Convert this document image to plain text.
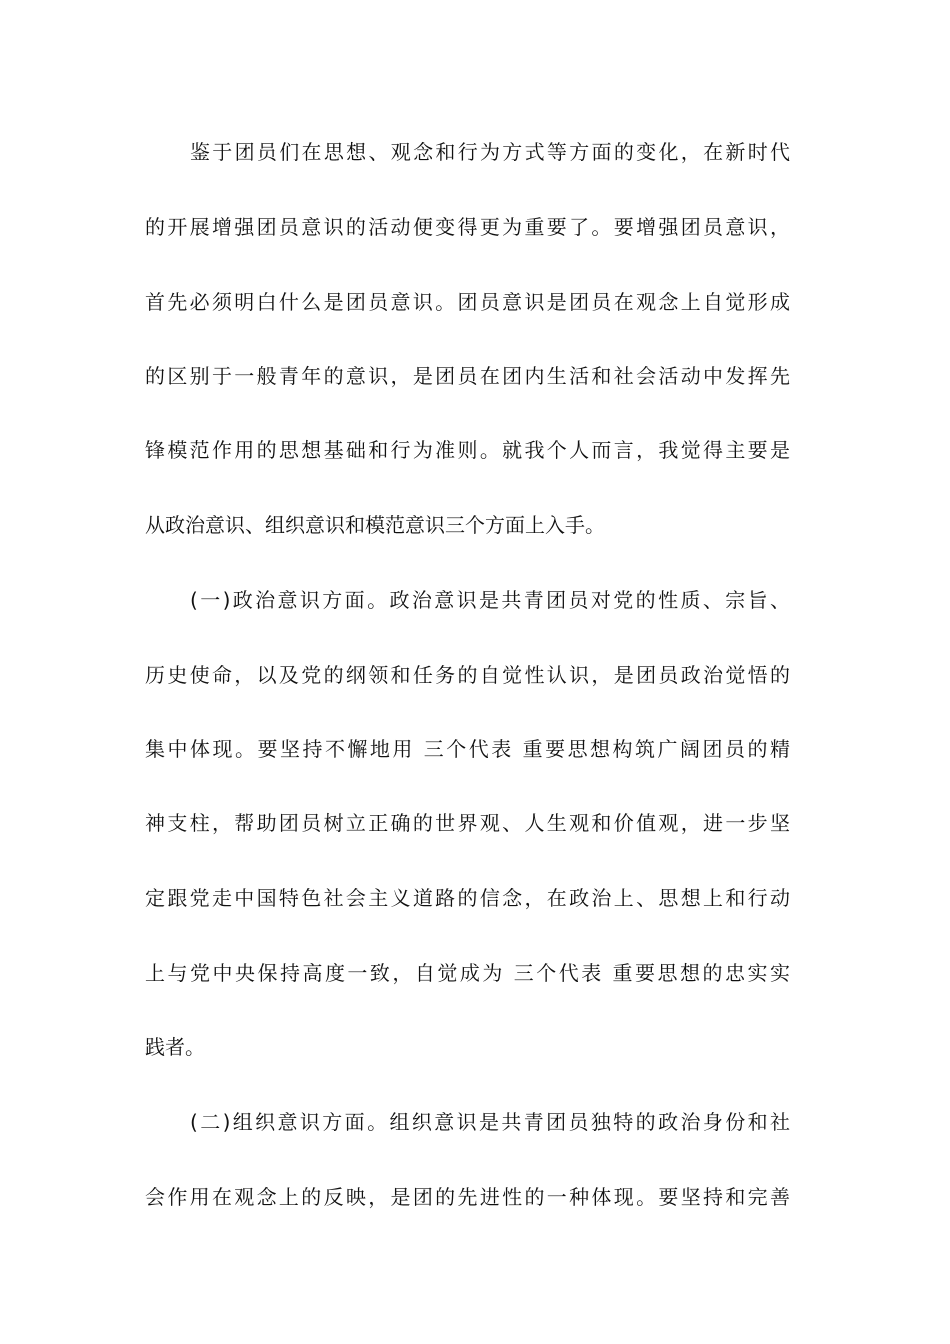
鉴于团员们在思想、观念和行为方式等方面的变化，在新时代
的开展增强团员意识的活动便变得更为重要了。要增强团员意识，
首先必须明白什么是团员意识。团员意识是团员在观念上自觉形成
的区别于一般青年的意识，是团员在团内生活和社会活动中发挥先
锋模范作用的思想基础和行为准则。就我个人而言，我觉得主要是
从政治意识、组织意识和模范意识三个方面上入手。
(一)政治意识方面。政治意识是共青团员对党的性质、宗旨、
历史使命，以及党的纲领和任务的自觉性认识，是团员政治觉悟的
集中体现。要坚持不懈地用 三个代表 重要思想构筑广阔团员的精
神支柱，帮助团员树立正确的世界观、人生观和价值观，进一步坚
定跟党走中国特色社会主义道路的信念，在政治上、思想上和行动
上与党中央保持高度一致，自觉成为 三个代表 重要思想的忠实实
践者。
(二)组织意识方面。组织意识是共青团员独特的政治身份和社
会作用在观念上的反映，是团的先进性的一种体现。要坚持和完善
